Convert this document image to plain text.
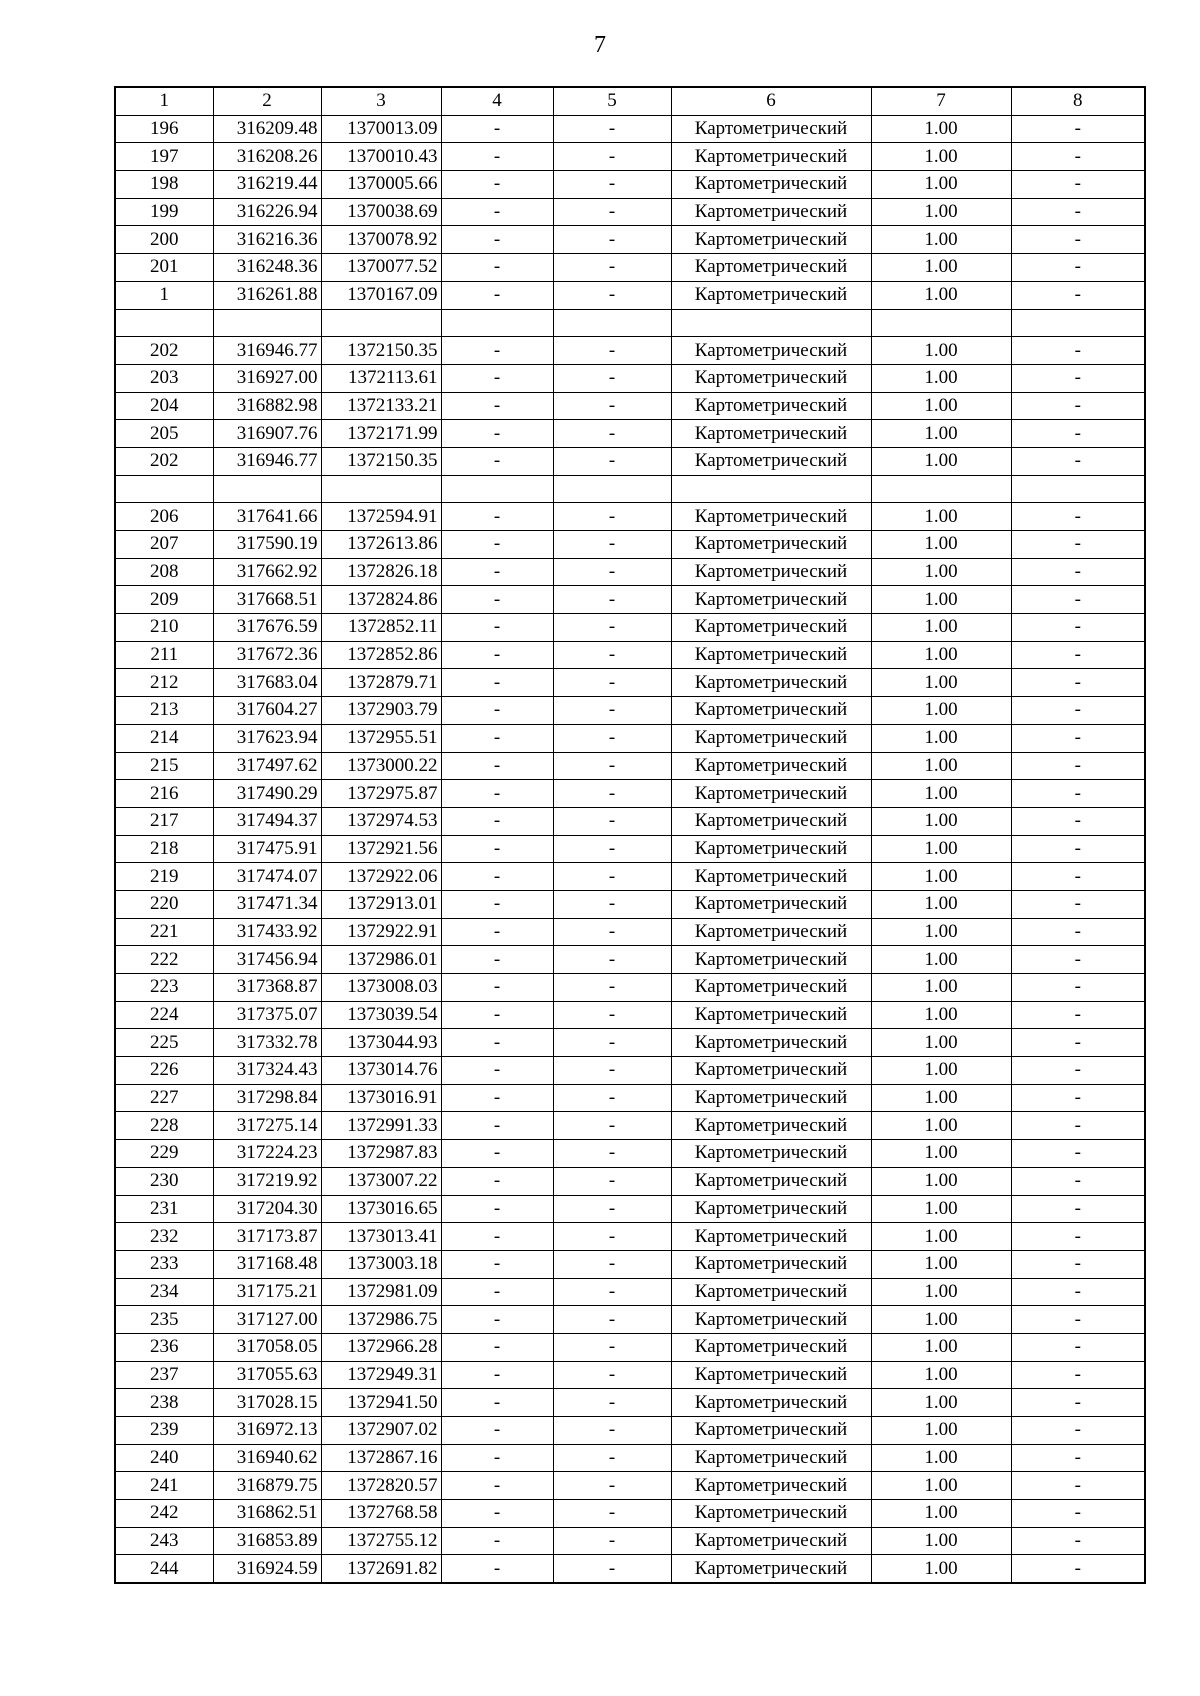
7
1	2	3	4	5	6	7	8
196	316209.48	1370013.09	-	-	Картометрический	1.00	-
197	316208.26	1370010.43	-	-	Картометрический	1.00	-
198	316219.44	1370005.66	-	-	Картометрический	1.00	-
199	316226.94	1370038.69	-	-	Картометрический	1.00	-
200	316216.36	1370078.92	-	-	Картометрический	1.00	-
201	316248.36	1370077.52	-	-	Картометрический	1.00	-
1	316261.88	1370167.09	-	-	Картометрический	1.00	-

202	316946.77	1372150.35	-	-	Картометрический	1.00	-
203	316927.00	1372113.61	-	-	Картометрический	1.00	-
204	316882.98	1372133.21	-	-	Картометрический	1.00	-
205	316907.76	1372171.99	-	-	Картометрический	1.00	-
202	316946.77	1372150.35	-	-	Картометрический	1.00	-

206	317641.66	1372594.91	-	-	Картометрический	1.00	-
207	317590.19	1372613.86	-	-	Картометрический	1.00	-
208	317662.92	1372826.18	-	-	Картометрический	1.00	-
209	317668.51	1372824.86	-	-	Картометрический	1.00	-
210	317676.59	1372852.11	-	-	Картометрический	1.00	-
211	317672.36	1372852.86	-	-	Картометрический	1.00	-
212	317683.04	1372879.71	-	-	Картометрический	1.00	-
213	317604.27	1372903.79	-	-	Картометрический	1.00	-
214	317623.94	1372955.51	-	-	Картометрический	1.00	-
215	317497.62	1373000.22	-	-	Картометрический	1.00	-
216	317490.29	1372975.87	-	-	Картометрический	1.00	-
217	317494.37	1372974.53	-	-	Картометрический	1.00	-
218	317475.91	1372921.56	-	-	Картометрический	1.00	-
219	317474.07	1372922.06	-	-	Картометрический	1.00	-
220	317471.34	1372913.01	-	-	Картометрический	1.00	-
221	317433.92	1372922.91	-	-	Картометрический	1.00	-
222	317456.94	1372986.01	-	-	Картометрический	1.00	-
223	317368.87	1373008.03	-	-	Картометрический	1.00	-
224	317375.07	1373039.54	-	-	Картометрический	1.00	-
225	317332.78	1373044.93	-	-	Картометрический	1.00	-
226	317324.43	1373014.76	-	-	Картометрический	1.00	-
227	317298.84	1373016.91	-	-	Картометрический	1.00	-
228	317275.14	1372991.33	-	-	Картометрический	1.00	-
229	317224.23	1372987.83	-	-	Картометрический	1.00	-
230	317219.92	1373007.22	-	-	Картометрический	1.00	-
231	317204.30	1373016.65	-	-	Картометрический	1.00	-
232	317173.87	1373013.41	-	-	Картометрический	1.00	-
233	317168.48	1373003.18	-	-	Картометрический	1.00	-
234	317175.21	1372981.09	-	-	Картометрический	1.00	-
235	317127.00	1372986.75	-	-	Картометрический	1.00	-
236	317058.05	1372966.28	-	-	Картометрический	1.00	-
237	317055.63	1372949.31	-	-	Картометрический	1.00	-
238	317028.15	1372941.50	-	-	Картометрический	1.00	-
239	316972.13	1372907.02	-	-	Картометрический	1.00	-
240	316940.62	1372867.16	-	-	Картометрический	1.00	-
241	316879.75	1372820.57	-	-	Картометрический	1.00	-
242	316862.51	1372768.58	-	-	Картометрический	1.00	-
243	316853.89	1372755.12	-	-	Картометрический	1.00	-
244	316924.59	1372691.82	-	-	Картометрический	1.00	-
